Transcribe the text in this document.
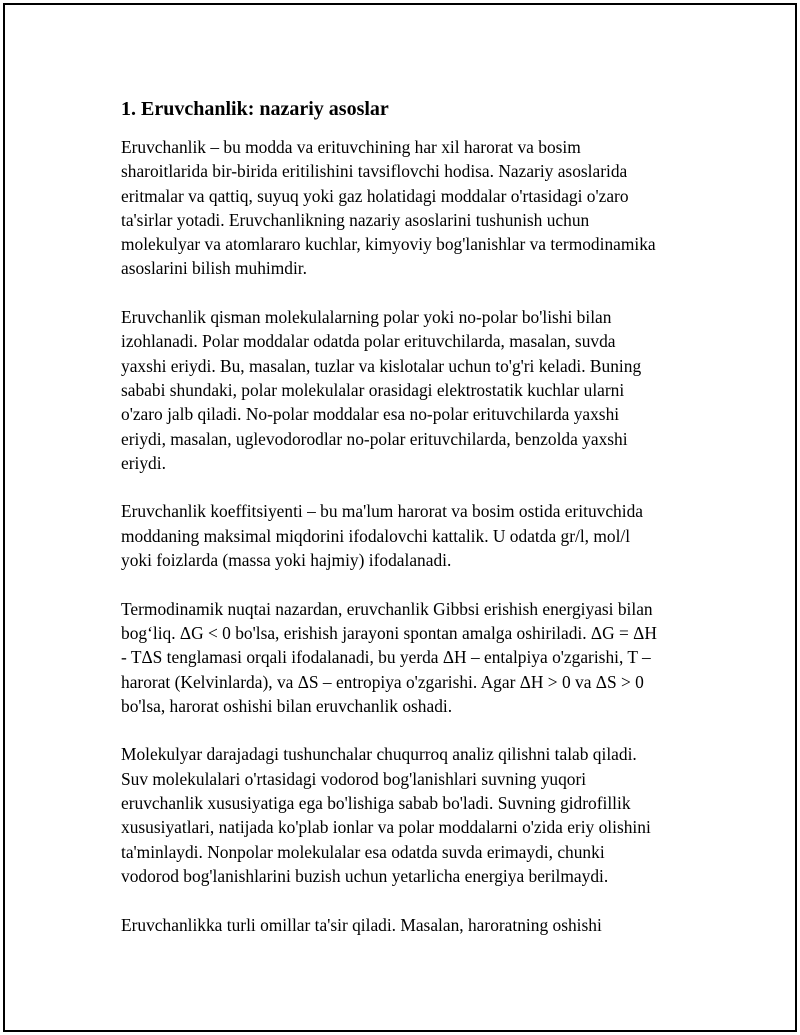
1. Eruvchanlik: nazariy asoslar

Eruvchanlik – bu modda va erituvchining har xil harorat va bosim
sharoitlarida bir-birida eritilishini tavsiflovchi hodisa. Nazariy asoslarida
eritmalar va qattiq, suyuq yoki gaz holatidagi moddalar o'rtasidagi o'zaro
ta'sirlar yotadi. Eruvchanlikning nazariy asoslarini tushunish uchun
molekulyar va atomlararo kuchlar, kimyoviy bog'lanishlar va termodinamika
asoslarini bilish muhimdir.

Eruvchanlik qisman molekulalarning polar yoki no-polar bo'lishi bilan
izohlanadi. Polar moddalar odatda polar erituvchilarda, masalan, suvda
yaxshi eriydi. Bu, masalan, tuzlar va kislotalar uchun to'g'ri keladi. Buning
sababi shundaki, polar molekulalar orasidagi elektrostatik kuchlar ularni
o'zaro jalb qiladi. No-polar moddalar esa no-polar erituvchilarda yaxshi
eriydi, masalan, uglevodorodlar no-polar erituvchilarda, benzolda yaxshi
eriydi.

Eruvchanlik koeffitsiyenti – bu ma'lum harorat va bosim ostida erituvchida
moddaning maksimal miqdorini ifodalovchi kattalik. U odatda gr/l, mol/l
yoki foizlarda (massa yoki hajmiy) ifodalanadi.

Termodinamik nuqtai nazardan, eruvchanlik Gibbsi erishish energiyasi bilan
bog‘liq. ΔG < 0 bo'lsa, erishish jarayoni spontan amalga oshiriladi. ΔG = ΔH
- TΔS tenglamasi orqali ifodalanadi, bu yerda ΔH – entalpiya o'zgarishi, T –
harorat (Kelvinlarda), va ΔS – entropiya o'zgarishi. Agar ΔH > 0 va ΔS > 0
bo'lsa, harorat oshishi bilan eruvchanlik oshadi.

Molekulyar darajadagi tushunchalar chuqurroq analiz qilishni talab qiladi.
Suv molekulalari o'rtasidagi vodorod bog'lanishlari suvning yuqori
eruvchanlik xususiyatiga ega bo'lishiga sabab bo'ladi. Suvning gidrofillik
xususiyatlari, natijada ko'plab ionlar va polar moddalarni o'zida eriy olishini
ta'minlaydi. Nonpolar molekulalar esa odatda suvda erimaydi, chunki
vodorod bog'lanishlarini buzish uchun yetarlicha energiya berilmaydi.

Eruvchanlikka turli omillar ta'sir qiladi. Masalan, haroratning oshishi
